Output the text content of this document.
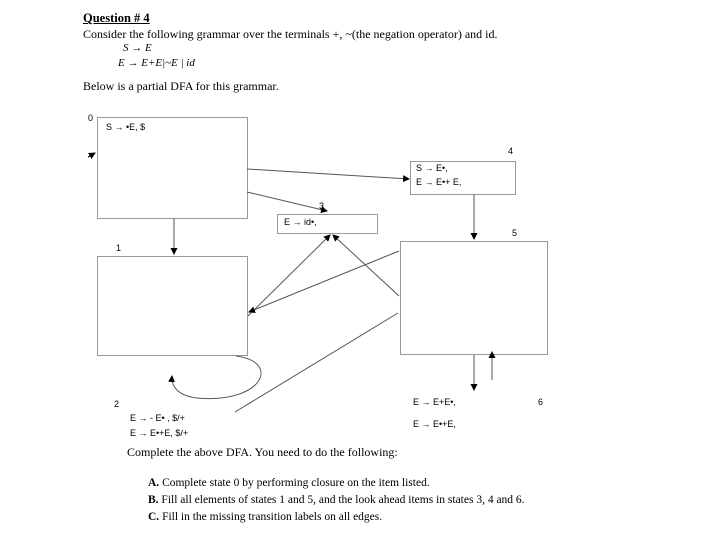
Question # 4
Consider the following grammar over the terminals +, ~(the negation operator) and id.
S → E
E → E+E|~E | id
Below is a partial DFA for this grammar.
0
1
2
3
4
5
6
S → •E, $
E → - E• , $/+
E → E•+E, $/+
E → id•,
S → E•,
E → E•+ E,
E → E+E•,
E → E•+E,
Complete the above DFA. You need to do the following:
A. Complete state 0 by performing closure on the item listed.
B. Fill all elements of states 1 and 5, and the look ahead items in states 3, 4 and 6.
C. Fill in the missing transition labels on all edges.
